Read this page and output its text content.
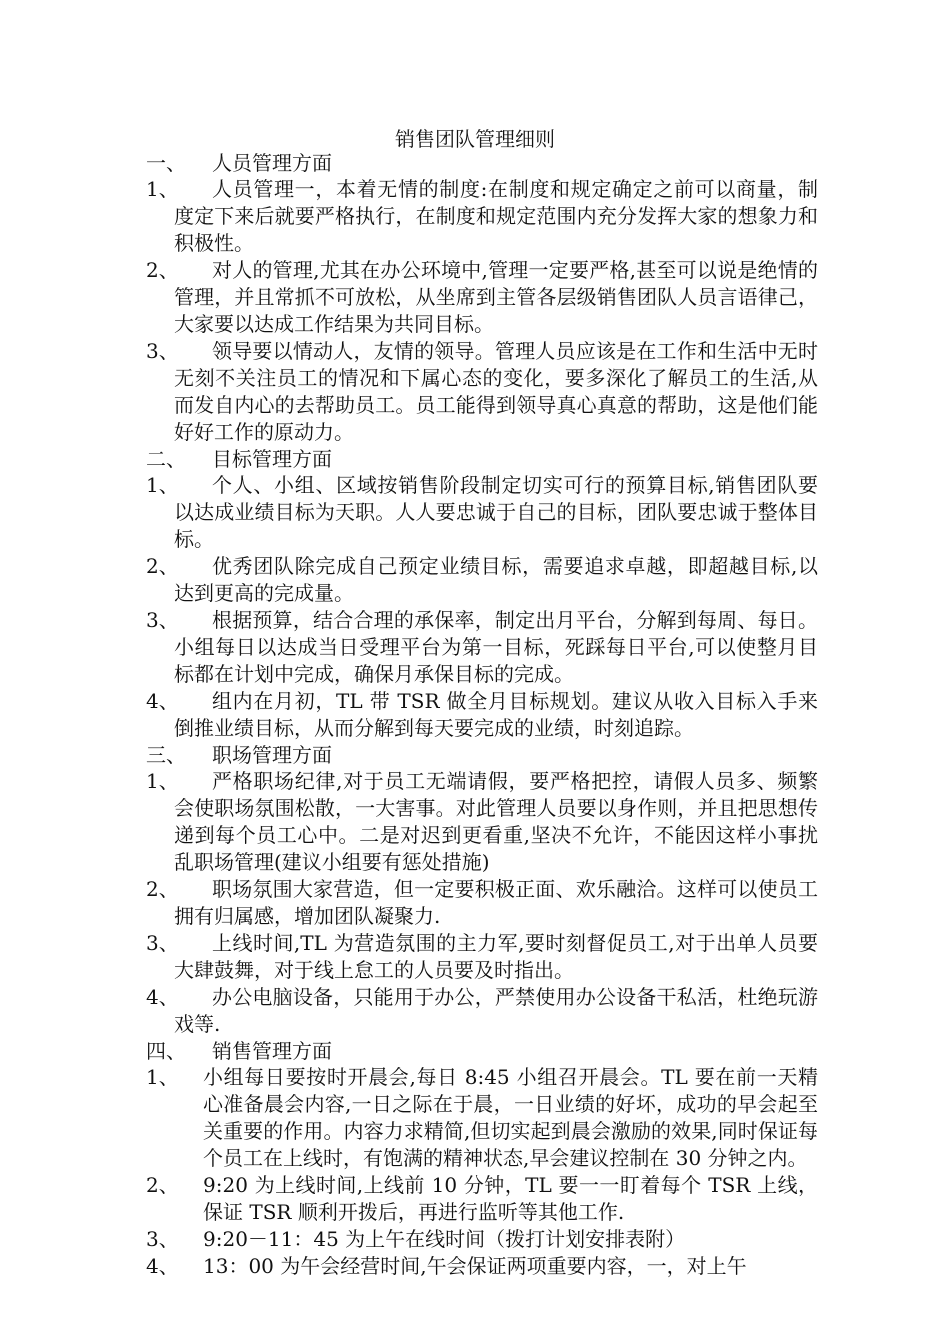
销售团队管理细则
一、 人员管理方面
1、	人员管理一，本着无情的制度:在制度和规定确定之前可以商量，制度定下来后就要严格执行，在制度和规定范围内充分发挥大家的想象力和积极性。
2、	对人的管理,尤其在办公环境中,管理一定要严格,甚至可以说是绝情的管理，并且常抓不可放松，从坐席到主管各层级销售团队人员言语律己，大家要以达成工作结果为共同目标。
3、	领导要以情动人，友情的领导。管理人员应该是在工作和生活中无时无刻不关注员工的情况和下属心态的变化，要多深化了解员工的生活,从而发自内心的去帮助员工。员工能得到领导真心真意的帮助，这是他们能好好工作的原动力。
二、 目标管理方面
1、	个人、小组、区域按销售阶段制定切实可行的预算目标,销售团队要以达成业绩目标为天职。人人要忠诚于自己的目标，团队要忠诚于整体目标。
2、	优秀团队除完成自己预定业绩目标，需要追求卓越，即超越目标,以达到更高的完成量。
3、	根据预算，结合合理的承保率，制定出月平台，分解到每周、每日。小组每日以达成当日受理平台为第一目标，死踩每日平台,可以使整月目标都在计划中完成，确保月承保目标的完成。
4、	组内在月初，TL 带 TSR 做全月目标规划。建议从收入目标入手来倒推业绩目标，从而分解到每天要完成的业绩，时刻追踪。
三、 职场管理方面
1、	严格职场纪律,对于员工无端请假，要严格把控，请假人员多、频繁会使职场氛围松散，一大害事。对此管理人员要以身作则，并且把思想传递到每个员工心中。二是对迟到更看重,坚决不允许，不能因这样小事扰乱职场管理(建议小组要有惩处措施)
2、	职场氛围大家营造，但一定要积极正面、欢乐融洽。这样可以使员工拥有归属感，增加团队凝聚力.
3、	上线时间,TL 为营造氛围的主力军,要时刻督促员工,对于出单人员要大肆鼓舞，对于线上怠工的人员要及时指出。
4、	办公电脑设备，只能用于办公，严禁使用办公设备干私活，杜绝玩游戏等.
四、 销售管理方面
1、 小组每日要按时开晨会,每日 8:45 小组召开晨会。TL 要在前一天精心准备晨会内容,一日之际在于晨，一日业绩的好坏，成功的早会起至关重要的作用。内容力求精简,但切实起到晨会激励的效果,同时保证每个员工在上线时，有饱满的精神状态,早会建议控制在 30 分钟之内。
2、 9:20 为上线时间,上线前 10 分钟，TL 要一一盯着每个 TSR 上线，保证 TSR 顺利开拨后，再进行监听等其他工作.
3、 9:20－11：45 为上午在线时间（拨打计划安排表附）
4、 13：00 为午会经营时间,午会保证两项重要内容，一，对上午
